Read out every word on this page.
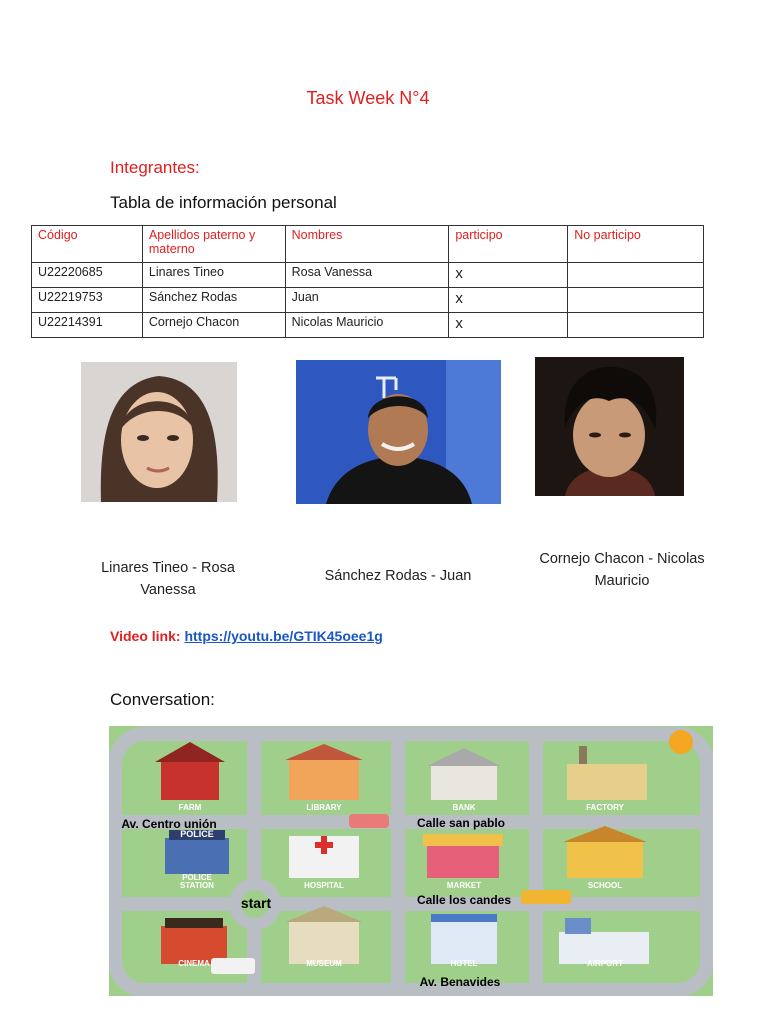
Task Week N°4
Integrantes:
Tabla de información personal
Código	Apellidos paterno y materno	Nombres	participo	No participo
U22220685	Linares Tineo	Rosa Vanessa	x	
U22219753	Sánchez Rodas	Juan	x	
U22214391	Cornejo Chacon	Nicolas Mauricio	x	
Linares Tineo - Rosa Vanessa
Sánchez Rodas - Juan
Cornejo Chacon - Nicolas Mauricio
Video link: https://youtu.be/GTIK45oee1g
Conversation:
FARM	LIBRARY	BANK	FACTORY
POLICE
STATION	HOSPITAL	MARKET	SCHOOL
CINEMA	MUSEUM	HOTEL	AIRPORT
POLICE
Av. Centro unión	Calle san pablo
start	Calle los candes
Av. Benavides
